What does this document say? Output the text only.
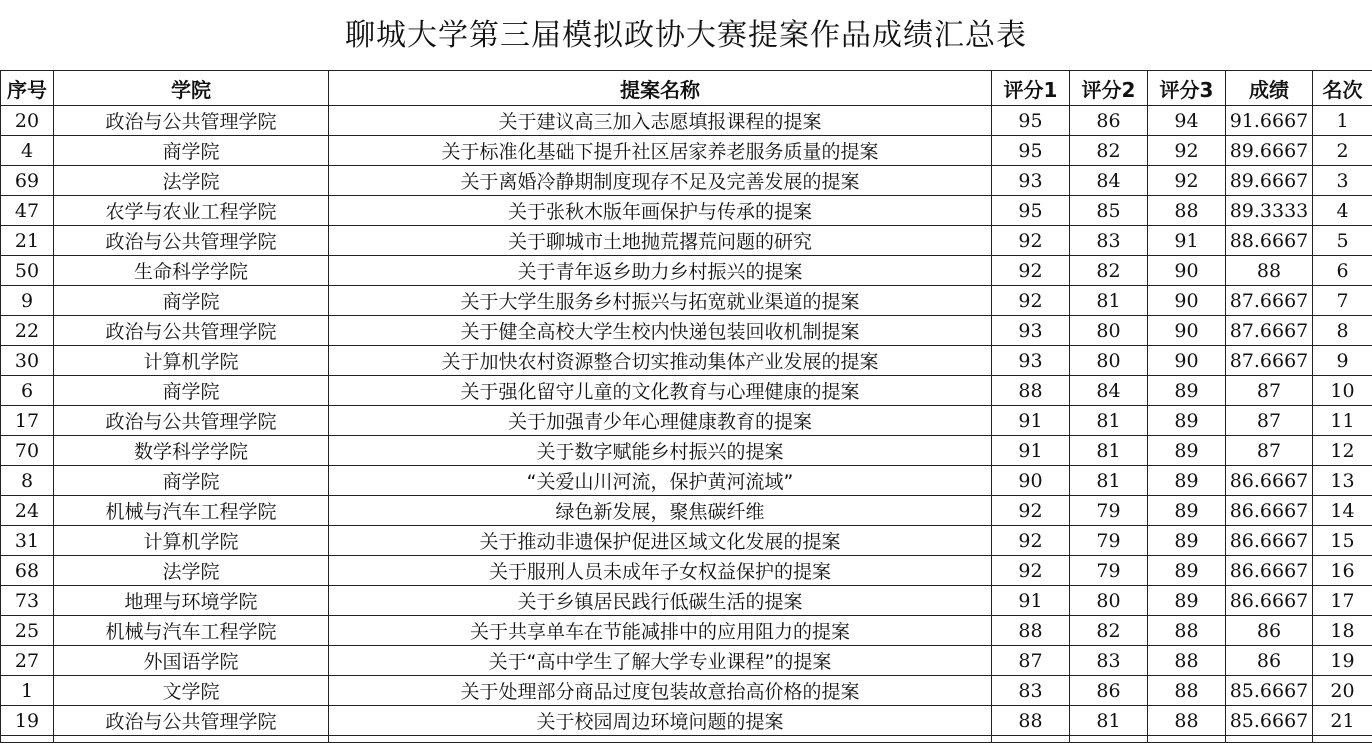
聊城大学第三届模拟政协大赛提案作品成绩汇总表
序号	学院	提案名称	评分1	评分2	评分3	成绩	名次
20	政治与公共管理学院	关于建议高三加入志愿填报课程的提案	95	86	94	91.6667	1
4	商学院	关于标准化基础下提升社区居家养老服务质量的提案	95	82	92	89.6667	2
69	法学院	关于离婚冷静期制度现存不足及完善发展的提案	93	84	92	89.6667	3
47	农学与农业工程学院	关于张秋木版年画保护与传承的提案	95	85	88	89.3333	4
21	政治与公共管理学院	关于聊城市土地抛荒撂荒问题的研究	92	83	91	88.6667	5
50	生命科学学院	关于青年返乡助力乡村振兴的提案	92	82	90	88	6
9	商学院	关于大学生服务乡村振兴与拓宽就业渠道的提案	92	81	90	87.6667	7
22	政治与公共管理学院	关于健全高校大学生校内快递包装回收机制提案	93	80	90	87.6667	8
30	计算机学院	关于加快农村资源整合切实推动集体产业发展的提案	93	80	90	87.6667	9
6	商学院	关于强化留守儿童的文化教育与心理健康的提案	88	84	89	87	10
17	政治与公共管理学院	关于加强青少年心理健康教育的提案	91	81	89	87	11
70	数学科学学院	关于数字赋能乡村振兴的提案	91	81	89	87	12
8	商学院	“关爱山川河流，保护黄河流域”	90	81	89	86.6667	13
24	机械与汽车工程学院	绿色新发展，聚焦碳纤维	92	79	89	86.6667	14
31	计算机学院	关于推动非遗保护促进区域文化发展的提案	92	79	89	86.6667	15
68	法学院	关于服刑人员未成年子女权益保护的提案	92	79	89	86.6667	16
73	地理与环境学院	关于乡镇居民践行低碳生活的提案	91	80	89	86.6667	17
25	机械与汽车工程学院	关于共享单车在节能减排中的应用阻力的提案	88	82	88	86	18
27	外国语学院	关于“高中学生了解大学专业课程”的提案	87	83	88	86	19
1	文学院	关于处理部分商品过度包装故意抬高价格的提案	83	86	88	85.6667	20
19	政治与公共管理学院	关于校园周边环境问题的提案	88	81	88	85.6667	21
